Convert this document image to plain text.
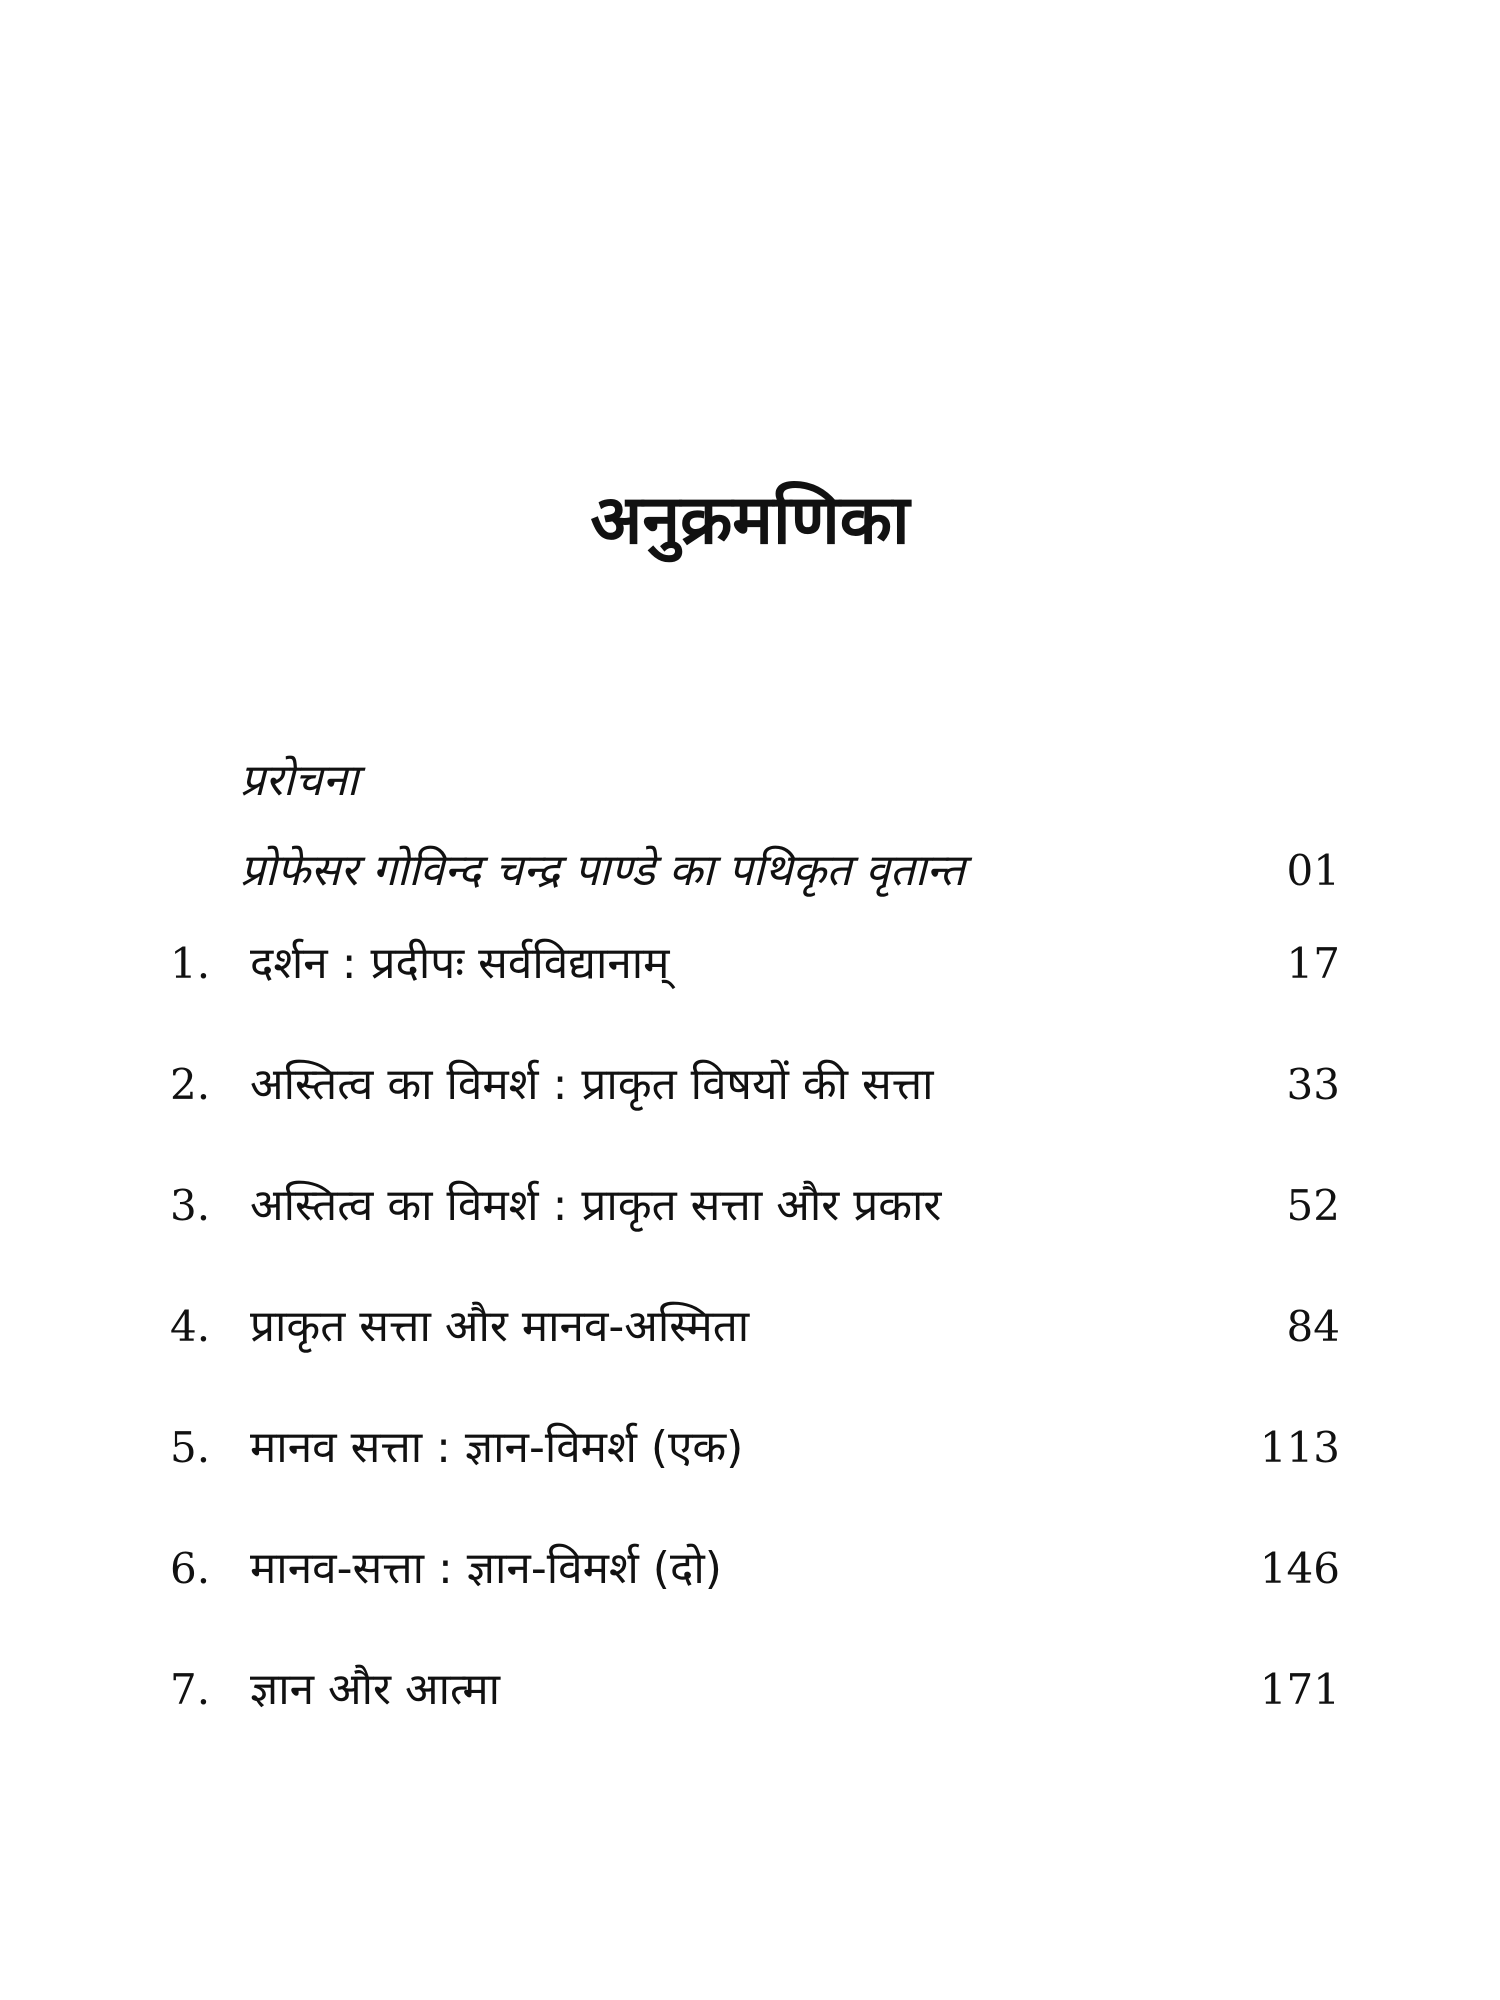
अनुक्रमणिका
प्ररोचना
प्रोफेसर गोविन्द चन्द्र पाण्डे का पथिकृत वृतान्त	01
1. दर्शन : प्रदीपः सर्वविद्यानाम्	17
2. अस्तित्व का विमर्श : प्राकृत विषयों की सत्ता	33
3. अस्तित्व का विमर्श : प्राकृत सत्ता और प्रकार	52
4. प्राकृत सत्ता और मानव-अस्मिता	84
5. मानव सत्ता : ज्ञान-विमर्श (एक)	113
6. मानव-सत्ता : ज्ञान-विमर्श (दो)	146
7. ज्ञान और आत्मा	171
